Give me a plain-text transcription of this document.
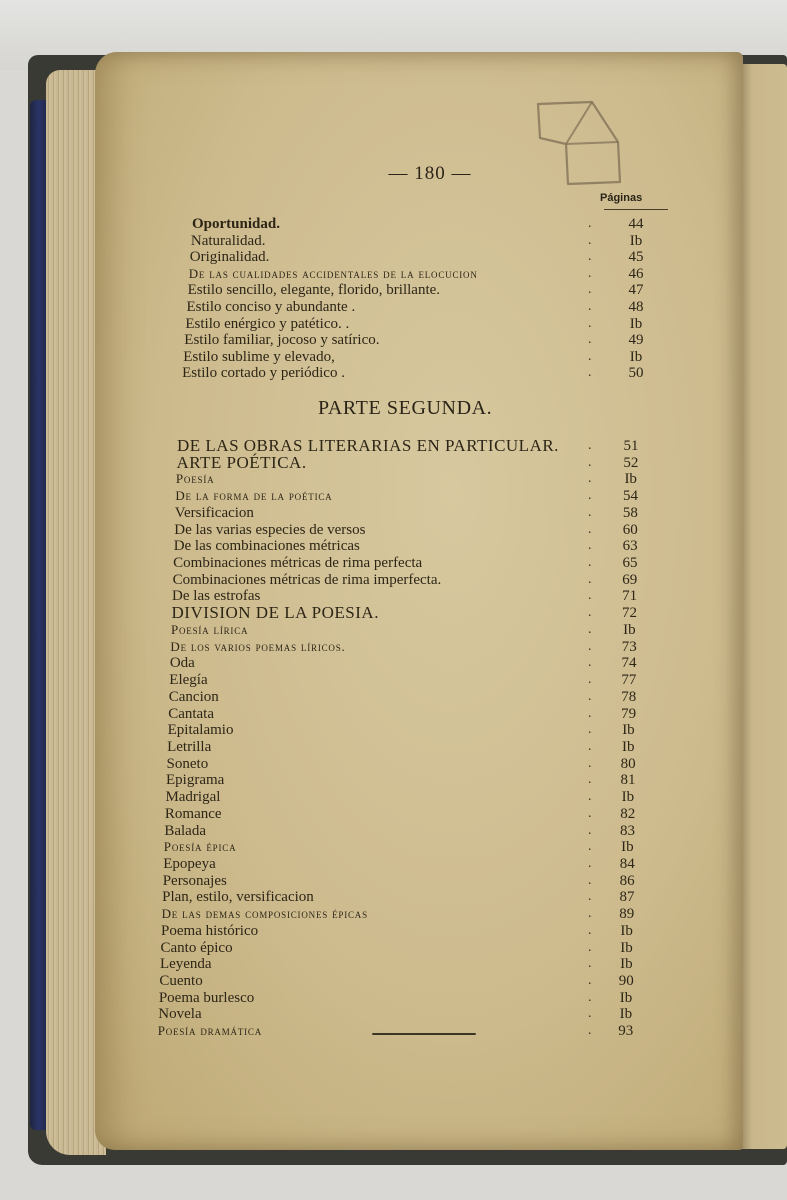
— 180 —
Páginas
PARTE SEGUNDA.
Oportunidad.	.	44
Naturalidad.	.	Ib
Originalidad.	.	45
De las cualidades accidentales de la elocucion	.	46
Estilo sencillo, elegante, florido, brillante.	.	47
Estilo conciso y abundante .	.	48
Estilo enérgico y patético. .	.	Ib
Estilo familiar, jocoso y satírico.	.	49
Estilo sublime y elevado,	.	Ib
Estilo cortado y periódico .	.	50
DE LAS OBRAS LITERARIAS EN PARTICULAR. .	51
ARTE POÉTICA.	.	52
Poesía	.	Ib
De la forma de la poética	.	54
Versificacion	.	58
De las varias especies de versos	.	60
De las combinaciones métricas	.	63
Combinaciones métricas de rima perfecta	.	65
Combinaciones métricas de rima imperfecta.	.	69
De las estrofas	.	71
DIVISION DE LA POESIA.	.	72
Poesía lírica	.	Ib
De los varios poemas líricos.	.	73
Oda	.	74
Elegía	.	77
Cancion	.	78
Cantata	.	79
Epitalamio	.	Ib
Letrilla	.	Ib
Soneto	.	80
Epigrama	.	81
Madrigal	.	Ib
Romance	.	82
Balada	.	83
Poesía épica	.	Ib
Epopeya	.	84
Personajes	.	86
Plan, estilo, versificacion	.	87
De las demas composiciones épicas	.	89
Poema histórico	.	Ib
Canto épico	.	Ib
Leyenda	.	Ib
Cuento	.	90
Poema burlesco	.	Ib
Novela	.	Ib
Poesía dramática	.	93
